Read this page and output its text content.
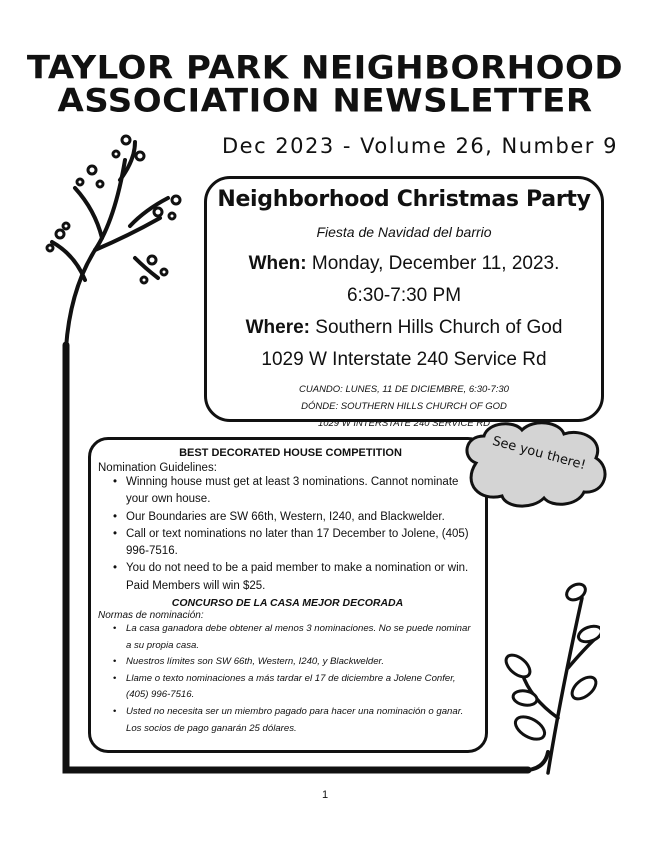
TAYLOR PARK NEIGHBORHOOD
ASSOCIATION NEWSLETTER
Dec 2023 - Volume 26, Number 9
Neighborhood Christmas Party
Fiesta de Navidad del barrio
When: Monday, December 11, 2023.
6:30-7:30 PM
Where: Southern Hills Church of God
1029 W Interstate 240 Service Rd
CUANDO: LUNES, 11 DE DICIEMBRE, 6:30-7:30
DÓNDE: SOUTHERN HILLS CHURCH OF GOD
1029 W INTERSTATE 240 SERVICE RD
BEST DECORATED HOUSE COMPETITION
Nomination Guidelines:
• Winning house must get at least 3 nominations. Cannot nominate your own house.
• Our Boundaries are SW 66th, Western, I240, and Blackwelder.
• Call or text nominations no later than 17 December to Jolene, (405) 996-7516.
• You do not need to be a paid member to make a nomination or win. Paid Members will win $25.
CONCURSO DE LA CASA MEJOR DECORADA
Normas de nominación:
• La casa ganadora debe obtener al menos 3 nominaciones. No se puede nominar a su propia casa.
• Nuestros límites son SW 66th, Western, I240, y Blackwelder.
• Llame o texto nominaciones a más tardar el 17 de diciembre a Jolene Confer, (405) 996-7516.
• Usted no necesita ser un miembro pagado para hacer una nominación o ganar. Los socios de pago ganarán 25 dólares.
See you there!
1
